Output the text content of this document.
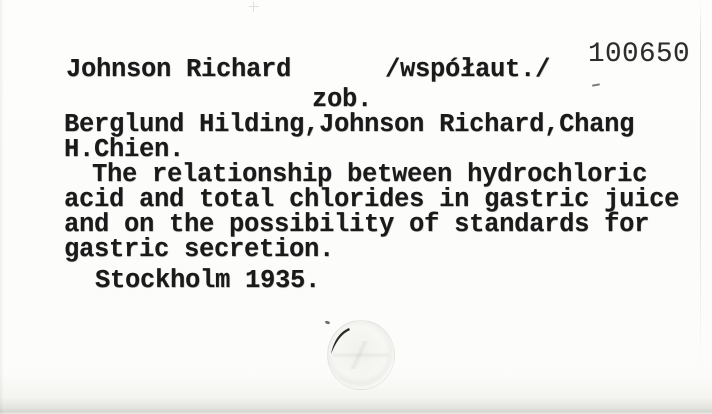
100650
Johnson Richard	/współaut./
zob.
Berglund Hilding,Johnson Richard,Chang
H.Chien.
The relationship between hydrochloric
acid and total chlorides in gastric juice
and on the possibility of standards for
gastric secretion.
Stockholm 1935.
